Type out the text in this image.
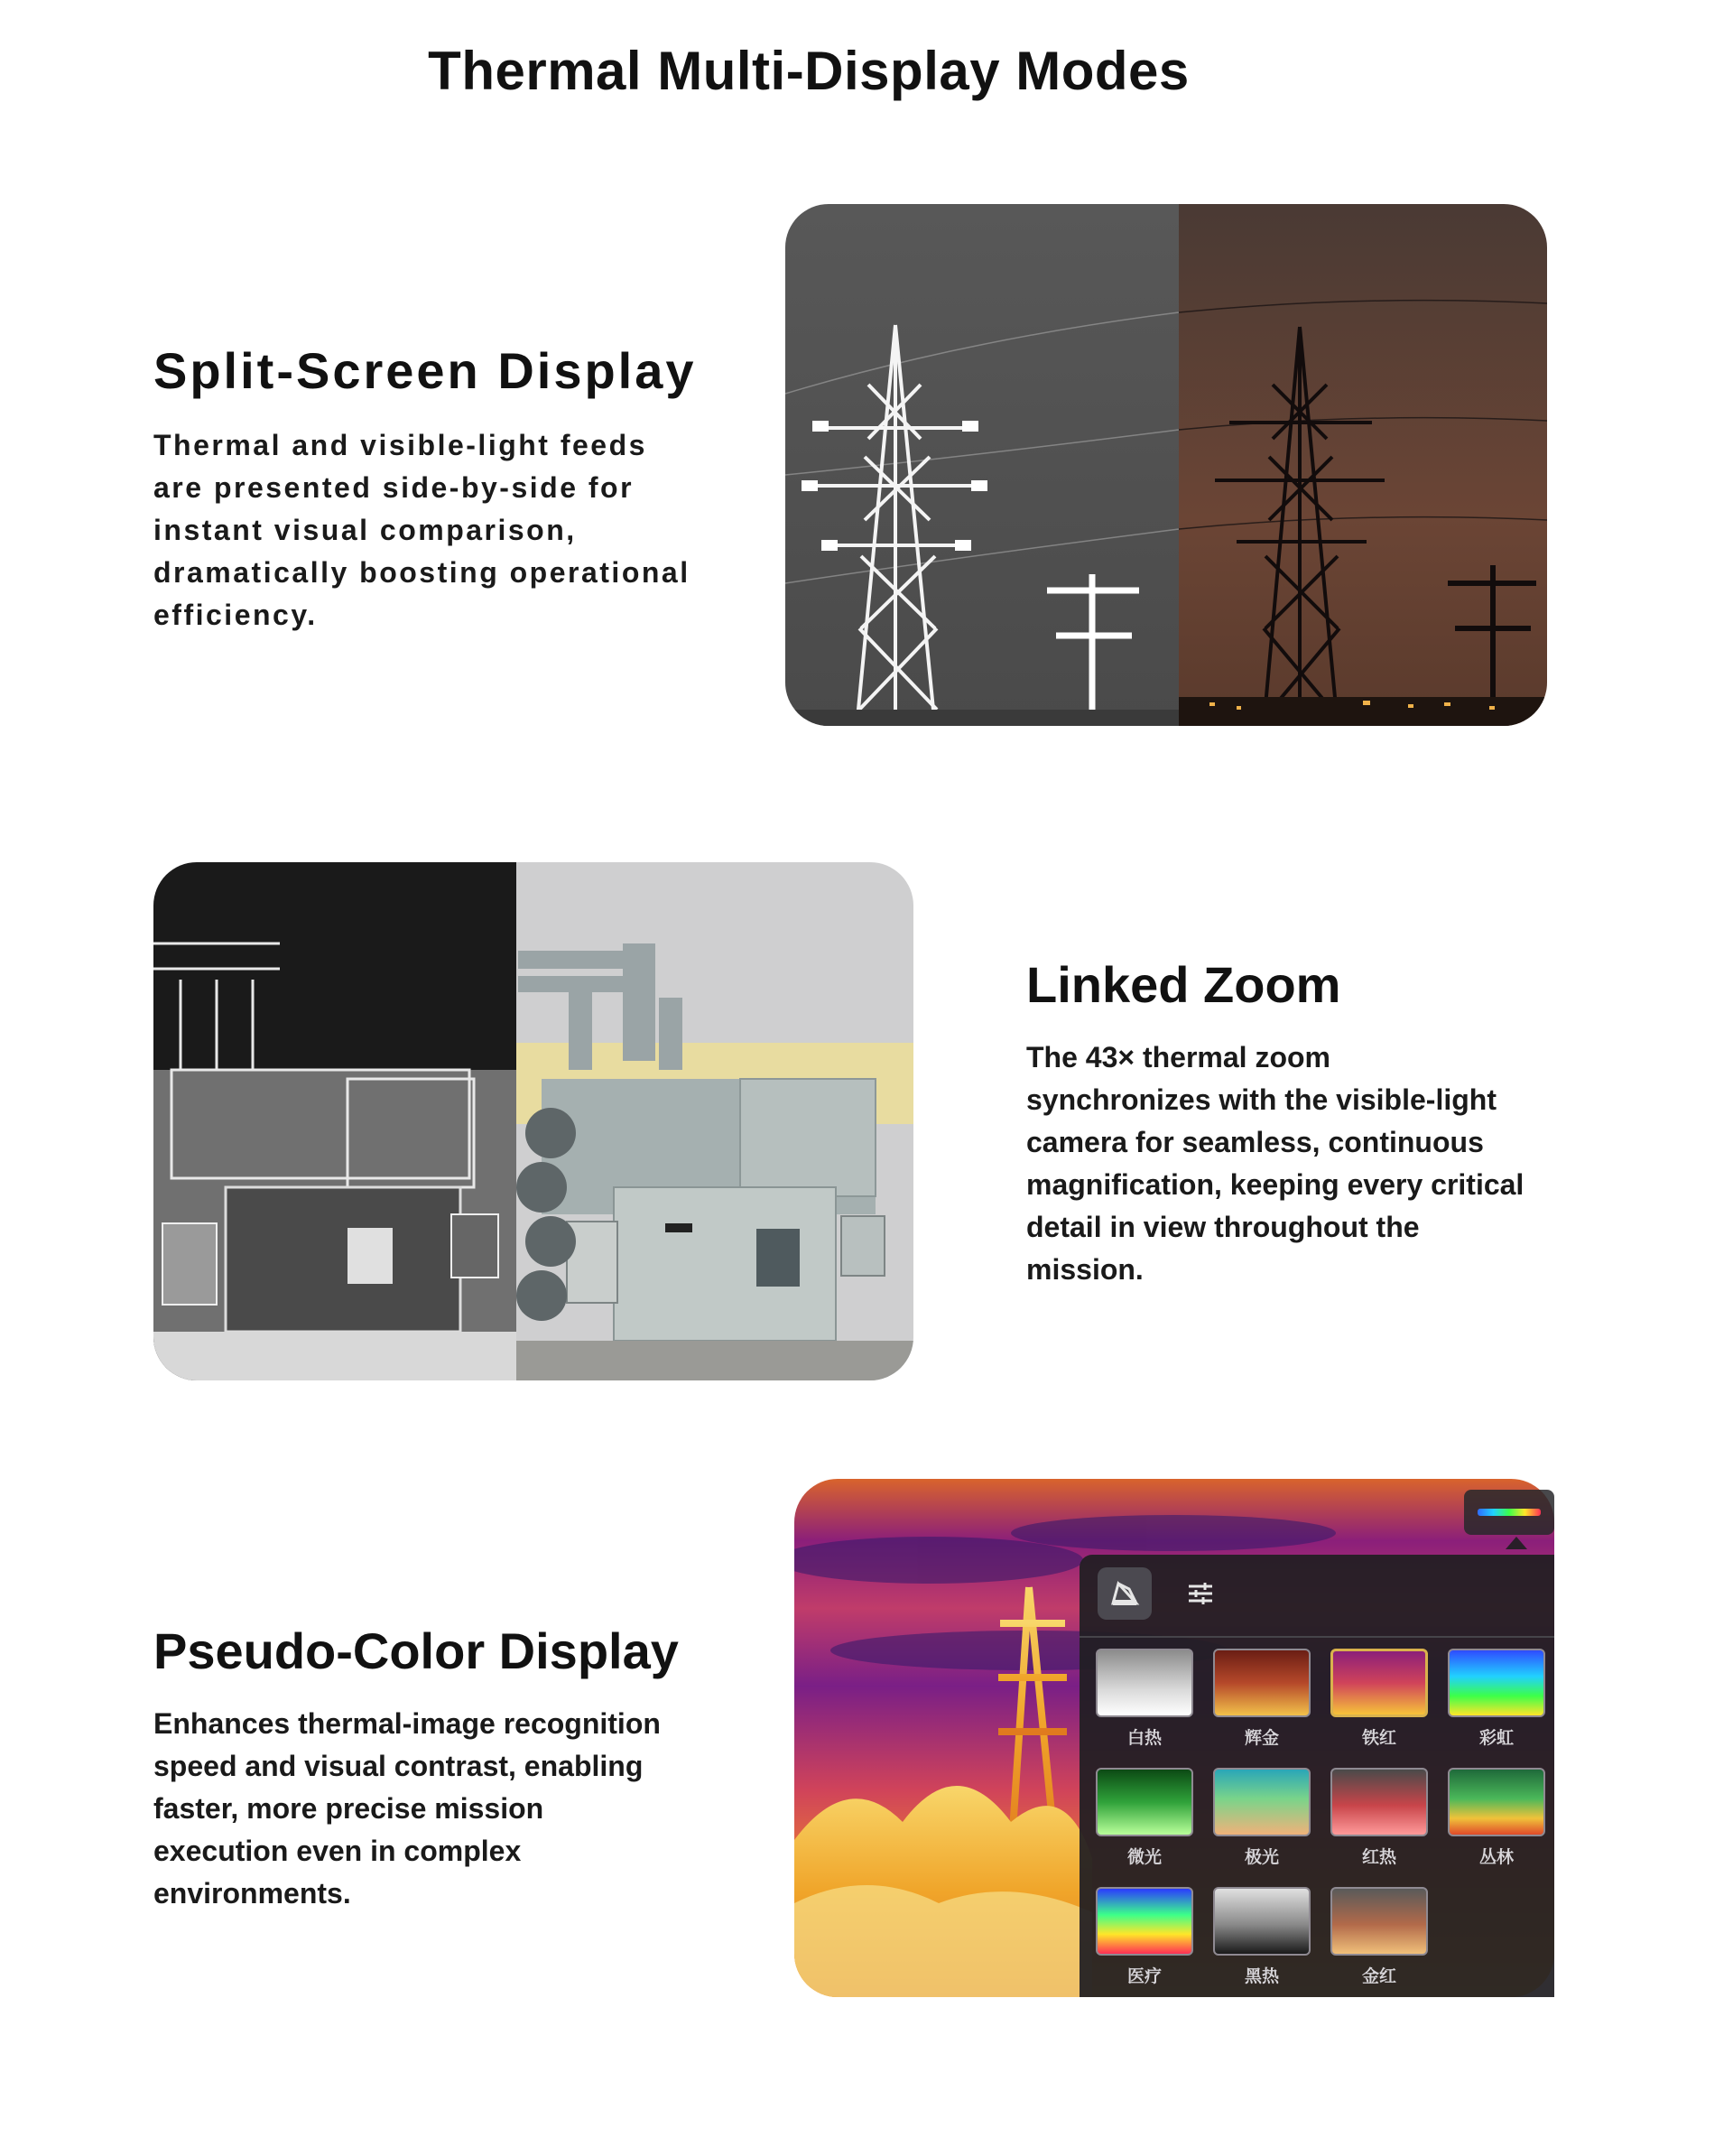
Thermal Multi-Display Modes
Split-Screen Display
Thermal and visible-light feeds
are presented side-by-side for
instant visual comparison,
dramatically boosting operational
efficiency.
Linked Zoom
The 43× thermal zoom
synchronizes with the visible-light
camera for seamless, continuous
magnification, keeping every critical
detail in view throughout the
mission.
Pseudo-Color Display
Enhances thermal-image recognition
speed and visual contrast, enabling
faster, more precise mission
execution even in complex
environments.
白热	辉金	铁红	彩虹
微光	极光	红热	丛林
医疗	黑热	金红
